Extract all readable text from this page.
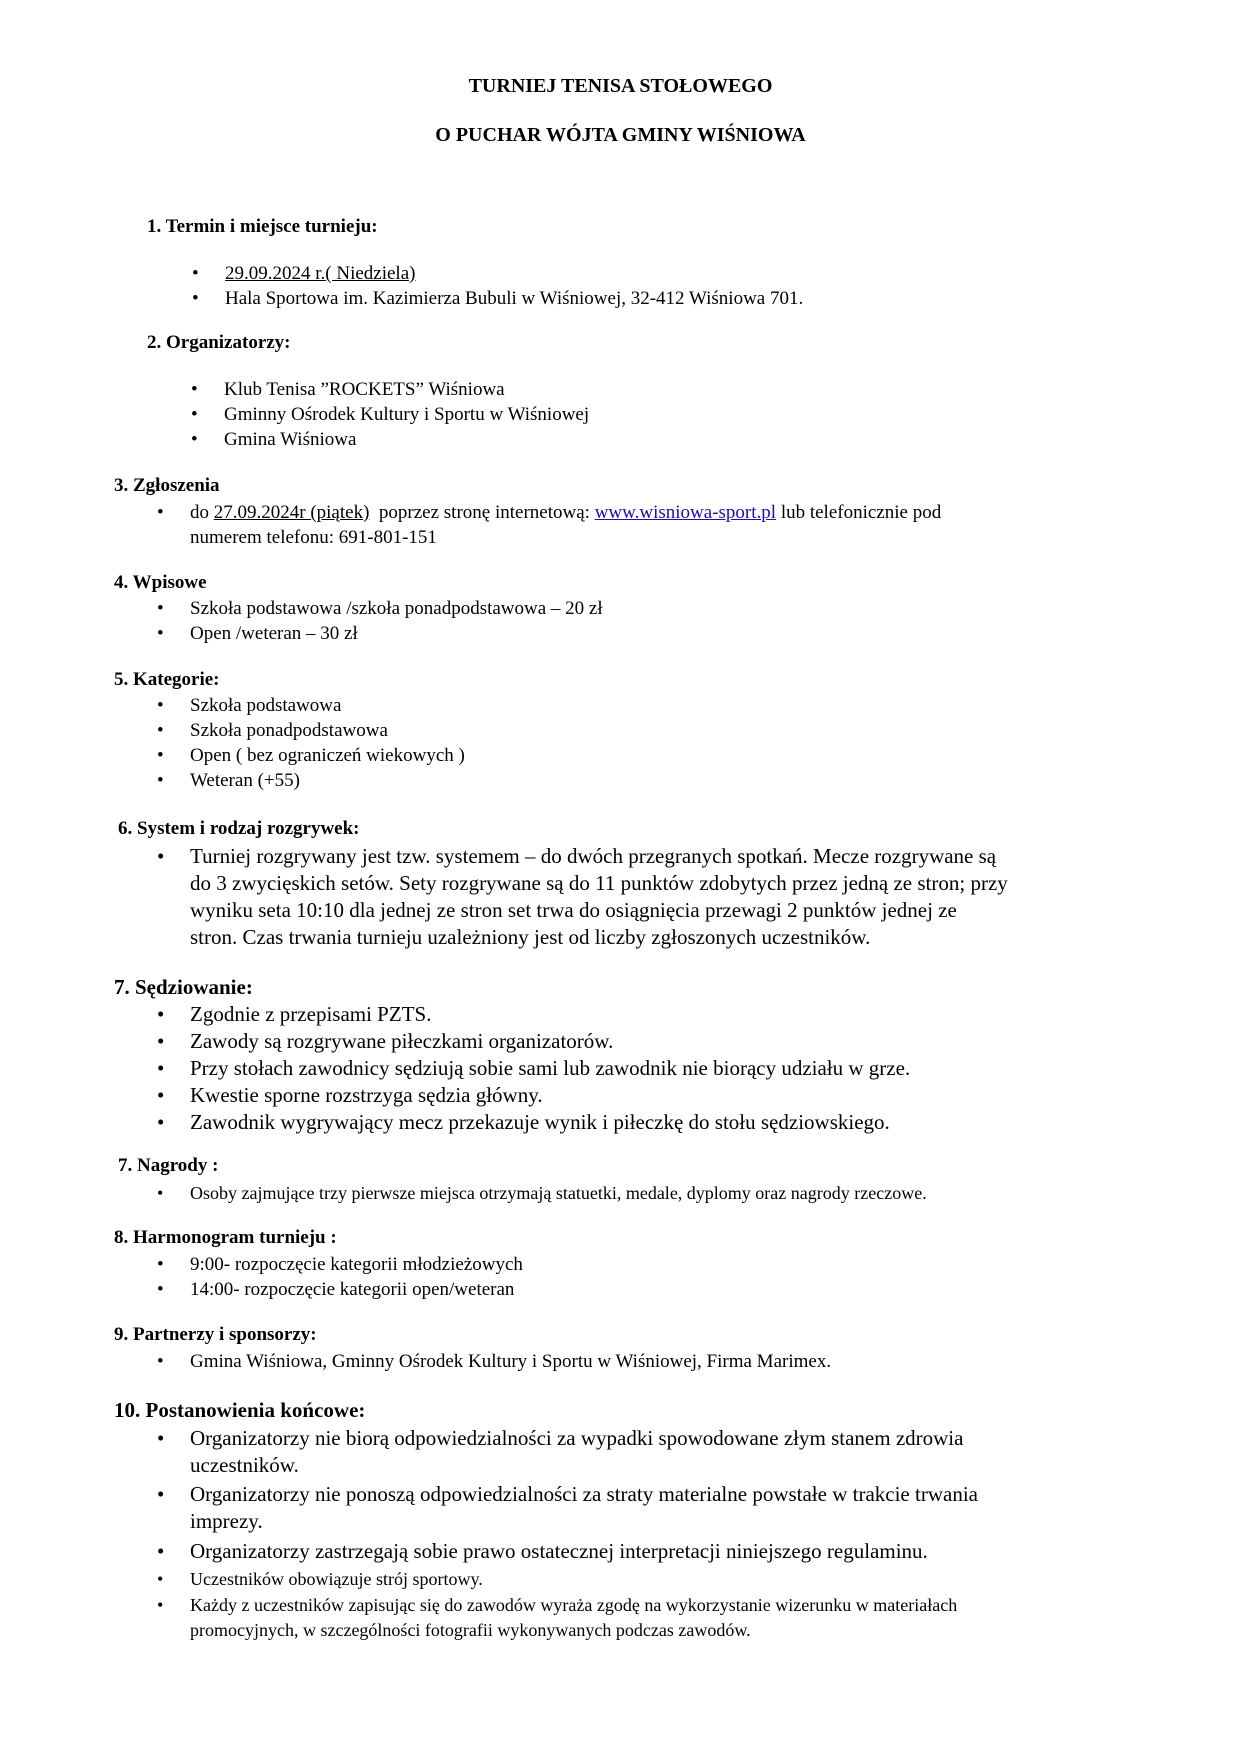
TURNIEJ TENISA STOŁOWEGO
O PUCHAR WÓJTA GMINY WIŚNIOWA
1. Termin i miejsce turnieju:
• 29.09.2024 r.( Niedziela)
• Hala Sportowa im. Kazimierza Bubuli w Wiśniowej, 32-412 Wiśniowa 701.
2. Organizatorzy:
• Klub Tenisa ”ROCKETS” Wiśniowa
• Gminny Ośrodek Kultury i Sportu w Wiśniowej
• Gmina Wiśniowa
3. Zgłoszenia
• do 27.09.2024r (piątek)  poprzez stronę internetową: www.wisniowa-sport.pl lub telefonicznie pod
numerem telefonu: 691-801-151
4. Wpisowe
• Szkoła podstawowa /szkoła ponadpodstawowa – 20 zł
• Open /weteran – 30 zł
5. Kategorie:
• Szkoła podstawowa
• Szkoła ponadpodstawowa
• Open ( bez ograniczeń wiekowych )
• Weteran (+55)
6. System i rodzaj rozgrywek:
• Turniej rozgrywany jest tzw. systemem – do dwóch przegranych spotkań. Mecze rozgrywane są
do 3 zwycięskich setów. Sety rozgrywane są do 11 punktów zdobytych przez jedną ze stron; przy
wyniku seta 10:10 dla jednej ze stron set trwa do osiągnięcia przewagi 2 punktów jednej ze
stron. Czas trwania turnieju uzależniony jest od liczby zgłoszonych uczestników.
7. Sędziowanie:
• Zgodnie z przepisami PZTS.
• Zawody są rozgrywane piłeczkami organizatorów.
• Przy stołach zawodnicy sędziują sobie sami lub zawodnik nie biorący udziału w grze.
• Kwestie sporne rozstrzyga sędzia główny.
• Zawodnik wygrywający mecz przekazuje wynik i piłeczkę do stołu sędziowskiego.
7. Nagrody :
• Osoby zajmujące trzy pierwsze miejsca otrzymają statuetki, medale, dyplomy oraz nagrody rzeczowe.
8. Harmonogram turnieju :
• 9:00- rozpoczęcie kategorii młodzieżowych
• 14:00- rozpoczęcie kategorii open/weteran
9. Partnerzy i sponsorzy:
• Gmina Wiśniowa, Gminny Ośrodek Kultury i Sportu w Wiśniowej, Firma Marimex.
10. Postanowienia końcowe:
• Organizatorzy nie biorą odpowiedzialności za wypadki spowodowane złym stanem zdrowia
uczestników.
• Organizatorzy nie ponoszą odpowiedzialności za straty materialne powstałe w trakcie trwania
imprezy.
• Organizatorzy zastrzegają sobie prawo ostatecznej interpretacji niniejszego regulaminu.
• Uczestników obowiązuje strój sportowy.
• Każdy z uczestników zapisując się do zawodów wyraża zgodę na wykorzystanie wizerunku w materiałach
promocyjnych, w szczególności fotografii wykonywanych podczas zawodów.
